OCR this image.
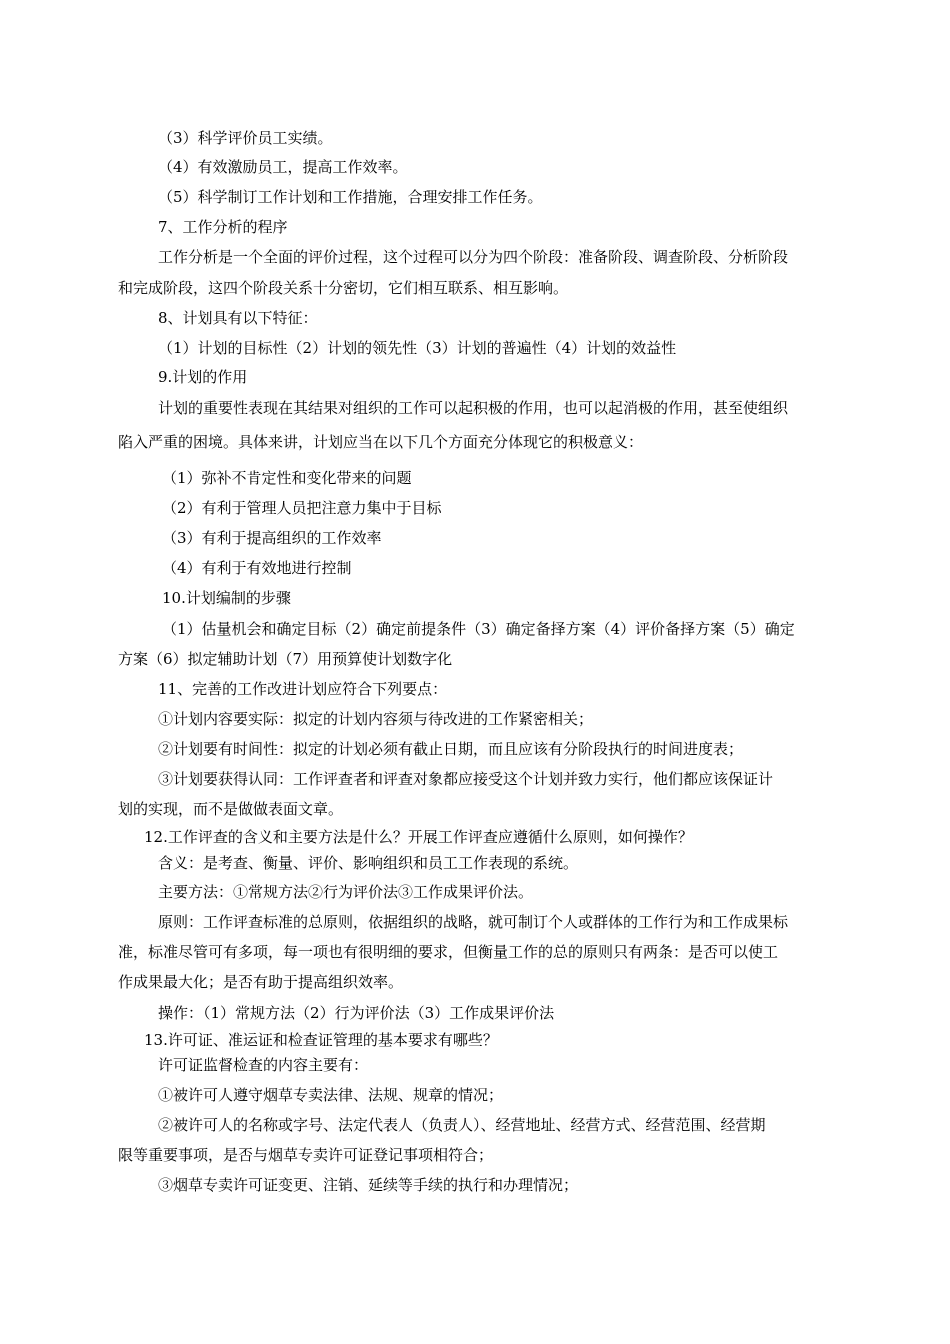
（3）科学评价员工实绩。

（4）有效激励员工，提高工作效率。

（5）科学制订工作计划和工作措施，合理安排工作任务。

7、工作分析的程序

工作分析是一个全面的评价过程，这个过程可以分为四个阶段：准备阶段、调查阶段、分析阶段

和完成阶段，这四个阶段关系十分密切，它们相互联系、相互影响。

8、计划具有以下特征：

（1）计划的目标性（2）计划的领先性（3）计划的普遍性（4）计划的效益性

9.计划的作用

计划的重要性表现在其结果对组织的工作可以起积极的作用，也可以起消极的作用，甚至使组织

陷入严重的困境。具体来讲，计划应当在以下几个方面充分体现它的积极意义：

（1）弥补不肯定性和变化带来的问题

（2）有利于管理人员把注意力集中于目标

（3）有利于提高组织的工作效率

（4）有利于有效地进行控制

10.计划编制的步骤

（1）估量机会和确定目标（2）确定前提条件（3）确定备择方案（4）评价备择方案（5）确定

方案（6）拟定辅助计划（7）用预算使计划数字化

11、完善的工作改进计划应符合下列要点：

①计划内容要实际：拟定的计划内容须与待改进的工作紧密相关；

②计划要有时间性：拟定的计划必须有截止日期，而且应该有分阶段执行的时间进度表；

③计划要获得认同：工作评查者和评查对象都应接受这个计划并致力实行，他们都应该保证计

划的实现，而不是做做表面文章。

12.工作评查的含义和主要方法是什么？开展工作评查应遵循什么原则，如何操作？

含义：是考查、衡量、评价、影响组织和员工工作表现的系统。

主要方法：①常规方法②行为评价法③工作成果评价法。

原则：工作评查标准的总原则，依据组织的战略，就可制订个人或群体的工作行为和工作成果标

准，标准尽管可有多项，每一项也有很明细的要求，但衡量工作的总的原则只有两条：是否可以使工

作成果最大化；是否有助于提高组织效率。

操作：（1）常规方法（2）行为评价法（3）工作成果评价法

13.许可证、准运证和检查证管理的基本要求有哪些？

许可证监督检查的内容主要有：

①被许可人遵守烟草专卖法律、法规、规章的情况；

②被许可人的名称或字号、法定代表人（负责人）、经营地址、经营方式、经营范围、经营期

限等重要事项，是否与烟草专卖许可证登记事项相符合；

③烟草专卖许可证变更、注销、延续等手续的执行和办理情况；
